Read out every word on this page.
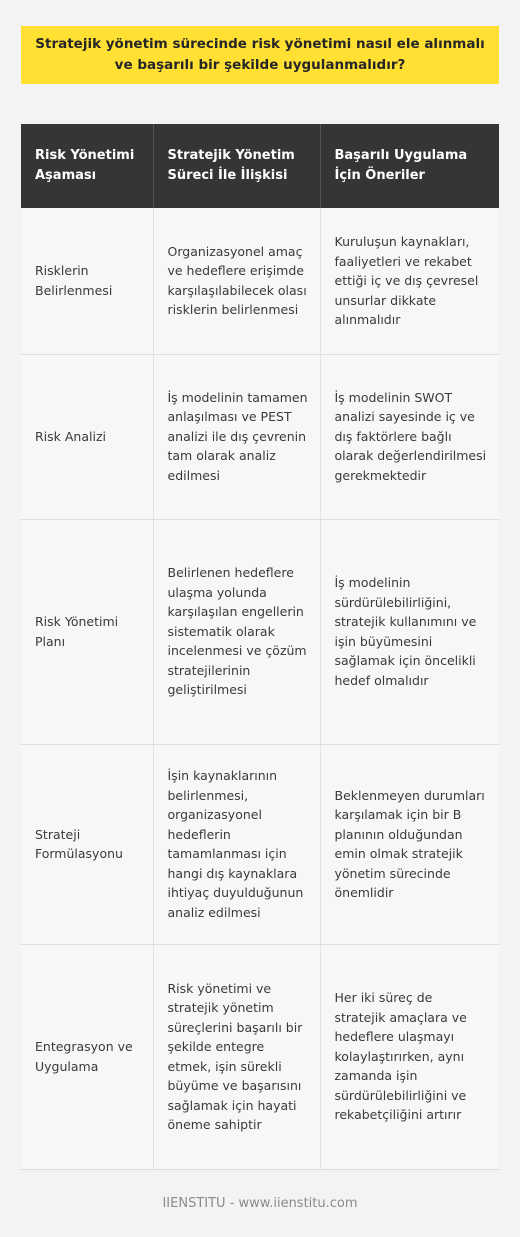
Stratejik yönetim sürecinde risk yönetimi nasıl ele alınmalı ve başarılı bir şekilde uygulanmalıdır?
Risk Yönetimi Aşaması	Stratejik Yönetim Süreci İle İlişkisi	Başarılı Uygulama İçin Öneriler
Risklerin Belirlenmesi	Organizasyonel amaç ve hedeflere erişimde karşılaşılabilecek olası risklerin belirlenmesi	Kuruluşun kaynakları, faaliyetleri ve rekabet ettiği iç ve dış çevresel unsurlar dikkate alınmalıdır
Risk Analizi	İş modelinin tamamen anlaşılması ve PEST analizi ile dış çevrenin tam olarak analiz edilmesi	İş modelinin SWOT analizi sayesinde iç ve dış faktörlere bağlı olarak değerlendirilmesi gerekmektedir
Risk Yönetimi Planı	Belirlenen hedeflere ulaşma yolunda karşılaşılan engellerin sistematik olarak incelenmesi ve çözüm stratejilerinin geliştirilmesi	İş modelinin sürdürülebilirliğini, stratejik kullanımını ve işin büyümesini sağlamak için öncelikli hedef olmalıdır
Strateji Formülasyonu	İşin kaynaklarının belirlenmesi, organizasyonel hedeflerin tamamlanması için hangi dış kaynaklara ihtiyaç duyulduğunun analiz edilmesi	Beklenmeyen durumları karşılamak için bir B planının olduğundan emin olmak stratejik yönetim sürecinde önemlidir
Entegrasyon ve Uygulama	Risk yönetimi ve stratejik yönetim süreçlerini başarılı bir şekilde entegre etmek, işin sürekli büyüme ve başarısını sağlamak için hayati öneme sahiptir	Her iki süreç de stratejik amaçlara ve hedeflere ulaşmayı kolaylaştırırken, aynı zamanda işin sürdürülebilirliğini ve rekabetçiliğini artırır
IIENSTITU - www.iienstitu.com
